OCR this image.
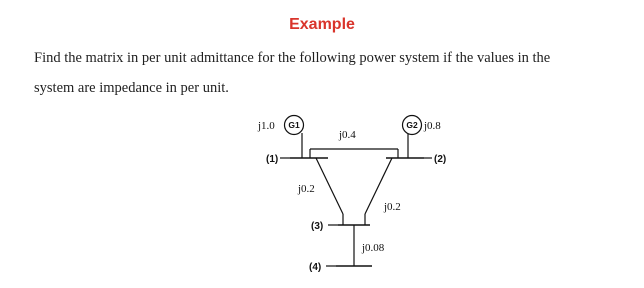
Example
Find the matrix in per unit admittance for the following power system if the values in the
system are impedance in per unit.
G1	G2
j1.0	j0.8
j0.4
j0.2
j0.2
j0.08
(1)	(2)
(3)
(4)
